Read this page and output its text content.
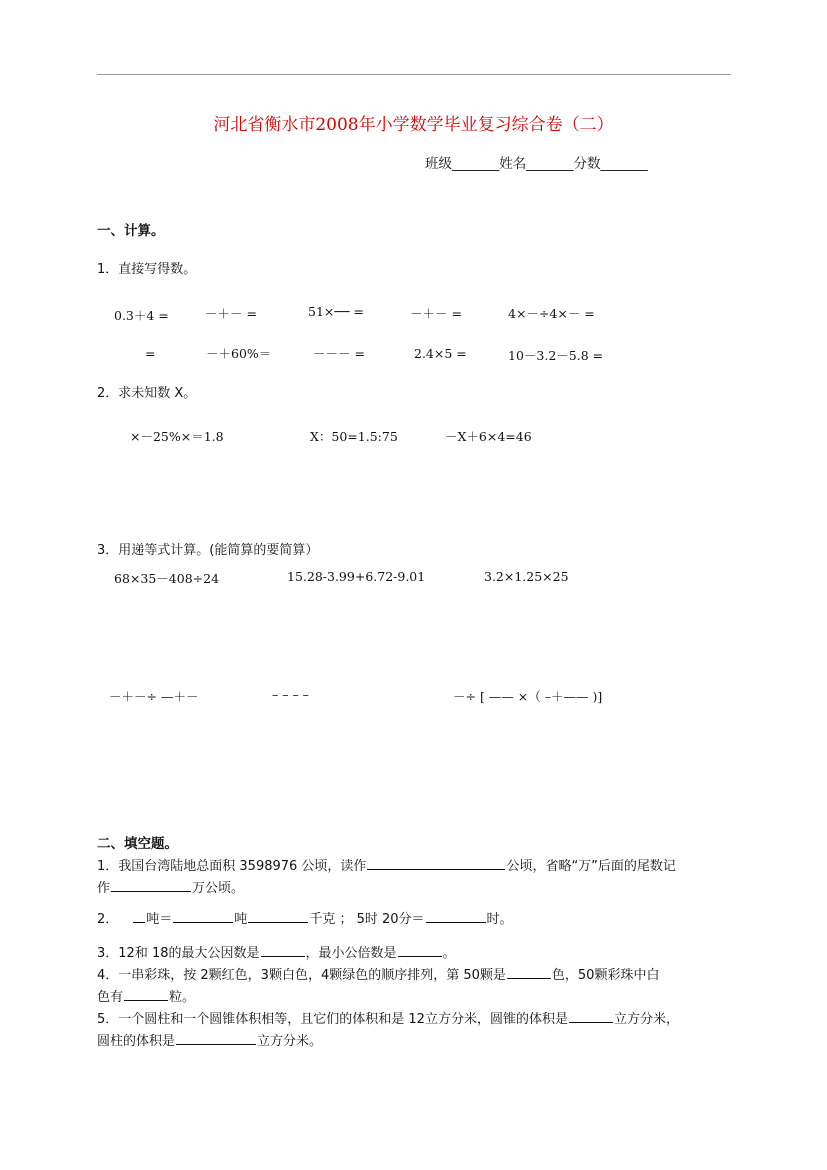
河北省衡水市2008年小学数学毕业复习综合卷（二）
班级_______姓名_______分数_______
一、计算。
1．直接写得数。
0.3＋4 =	－＋－ =	51×── =	－＋－ =	4×－÷4×－ =
=	－＋60%＝	－－－ =	2.4×5 =	10－3.2－5.8 =
2．求未知数 X。
×－25%×＝1.8	X：50=1.5:75	－X＋6×4=46
3．用递等式计算。(能简算的要简算）
68×35－408÷24	15.28-3.99+6.72-9.01	3.2×1.25×25
－＋－÷ —＋－	– – – –	－÷ [ —— ×（ –＋—— )]
二、填空题。
1．我国台湾陆地总面积 3598976 公顷，读作	公顷，省略“万”后面的尾数记
作	万公顷。
2． 吨＝	吨	千克 ； 5时 20分＝	时。
3．12和 18的最大公因数是	，最小公倍数是	。
4．一串彩珠，按 2颗红色，3颗白色，4颗绿色的顺序排列，第 50颗是	色，50颗彩珠中白
色有	粒。
5．一个圆柱和一个圆锥体积相等，且它们的体积和是 12立方分米，圆锥的体积是	立方分米，
圆柱的体积是	立方分米。
